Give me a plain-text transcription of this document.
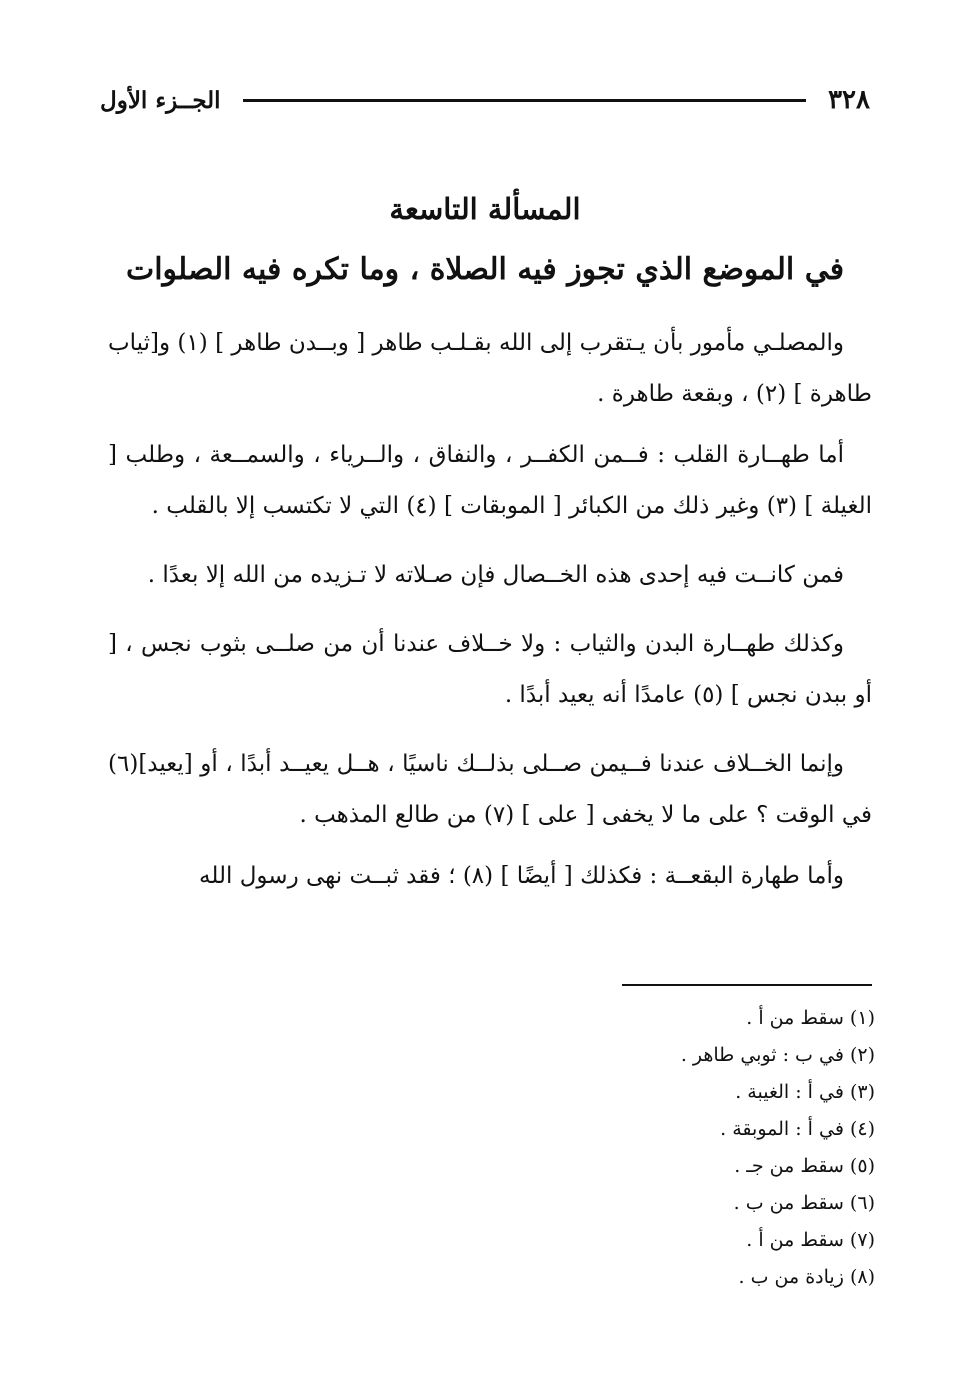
٣٢٨
الجــزء الأول
المسألة التاسعة
في الموضع الذي تجوز فيه الصلاة ، وما تكره فيه الصلوات

والمصلـي مأمور بأن يـتقرب إلى الله بقـلـب طاهر [ وبــدن طاهر ] (١) و[ثياب طاهرة ] (٢) ، وبقعة طاهرة .

أما طهــارة القلب : فــمن الكفــر ، والنفاق ، والــرياء ، والسمــعة ، وطلب [ الغيلة ] (٣) وغير ذلك من الكبائر [ الموبقات ] (٤) التي لا تكتسب إلا بالقلب .

فمن كانــت فيه إحدى هذه الخــصال فإن صـلاته لا تـزيده من الله إلا بعدًا .

وكذلك طهــارة البدن والثياب : ولا خــلاف عندنا أن من صلــى بثوب نجس ، [ أو ببدن نجس ] (٥) عامدًا أنه يعيد أبدًا .

وإنما الخــلاف عندنا فــيمن صــلى بذلــك ناسيًا ، هــل يعيــد أبدًا ، أو [يعيد](٦) في الوقت ؟ على ما لا يخفى [ على ] (٧) من طالع المذهب .

وأما طهارة البقعــة : فكذلك [ أيضًا ] (٨) ؛ فقد ثبــت نهى رسول الله

(١) سقط من أ .
(٢) في ب : ثوبي طاهر .
(٣) في أ : الغيبة .
(٤) في أ : الموبقة .
(٥) سقط من جـ .
(٦) سقط من ب .
(٧) سقط من أ .
(٨) زيادة من ب .
